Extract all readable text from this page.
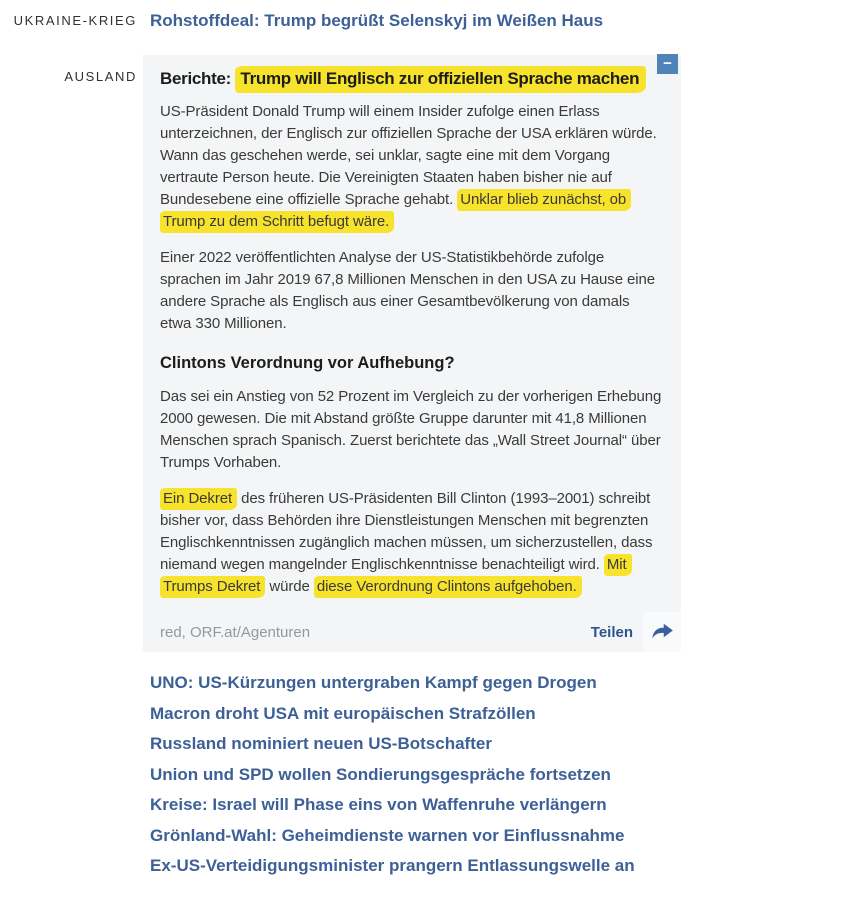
UKRAINE-KRIEG Rohstoffdeal: Trump begrüßt Selenskyj im Weißen Haus
AUSLAND
−
Berichte: Trump will Englisch zur offiziellen Sprache machen

US-Präsident Donald Trump will einem Insider zufolge einen Erlass unterzeichnen, der Englisch zur offiziellen Sprache der USA erklären würde. Wann das geschehen werde, sei unklar, sagte eine mit dem Vorgang vertraute Person heute. Die Vereinigten Staaten haben bisher nie auf Bundesebene eine offizielle Sprache gehabt. Unklar blieb zunächst, ob Trump zu dem Schritt befugt wäre.

Einer 2022 veröffentlichten Analyse der US-Statistikbehörde zufolge sprachen im Jahr 2019 67,8 Millionen Menschen in den USA zu Hause eine andere Sprache als Englisch aus einer Gesamtbevölkerung von damals etwa 330 Millionen.

Clintons Verordnung vor Aufhebung?

Das sei ein Anstieg von 52 Prozent im Vergleich zu der vorherigen Erhebung 2000 gewesen. Die mit Abstand größte Gruppe darunter mit 41,8 Millionen Menschen sprach Spanisch. Zuerst berichtete das „Wall Street Journal“ über Trumps Vorhaben.

Ein Dekret des früheren US-Präsidenten Bill Clinton (1993–2001) schreibt bisher vor, dass Behörden ihre Dienstleistungen Menschen mit begrenzten Englischkenntnissen zugänglich machen müssen, um sicherzustellen, dass niemand wegen mangelnder Englischkenntnisse benachteiligt wird. Mit Trumps Dekret würde diese Verordnung Clintons aufgehoben.

red, ORF.at/Agenturen	Teilen
UNO: US-Kürzungen untergraben Kampf gegen Drogen
Macron droht USA mit europäischen Strafzöllen
Russland nominiert neuen US-Botschafter
Union und SPD wollen Sondierungsgespräche fortsetzen
Kreise: Israel will Phase eins von Waffenruhe verlängern
Grönland-Wahl: Geheimdienste warnen vor Einflussnahme
Ex-US-Verteidigungsminister prangern Entlassungswelle an
